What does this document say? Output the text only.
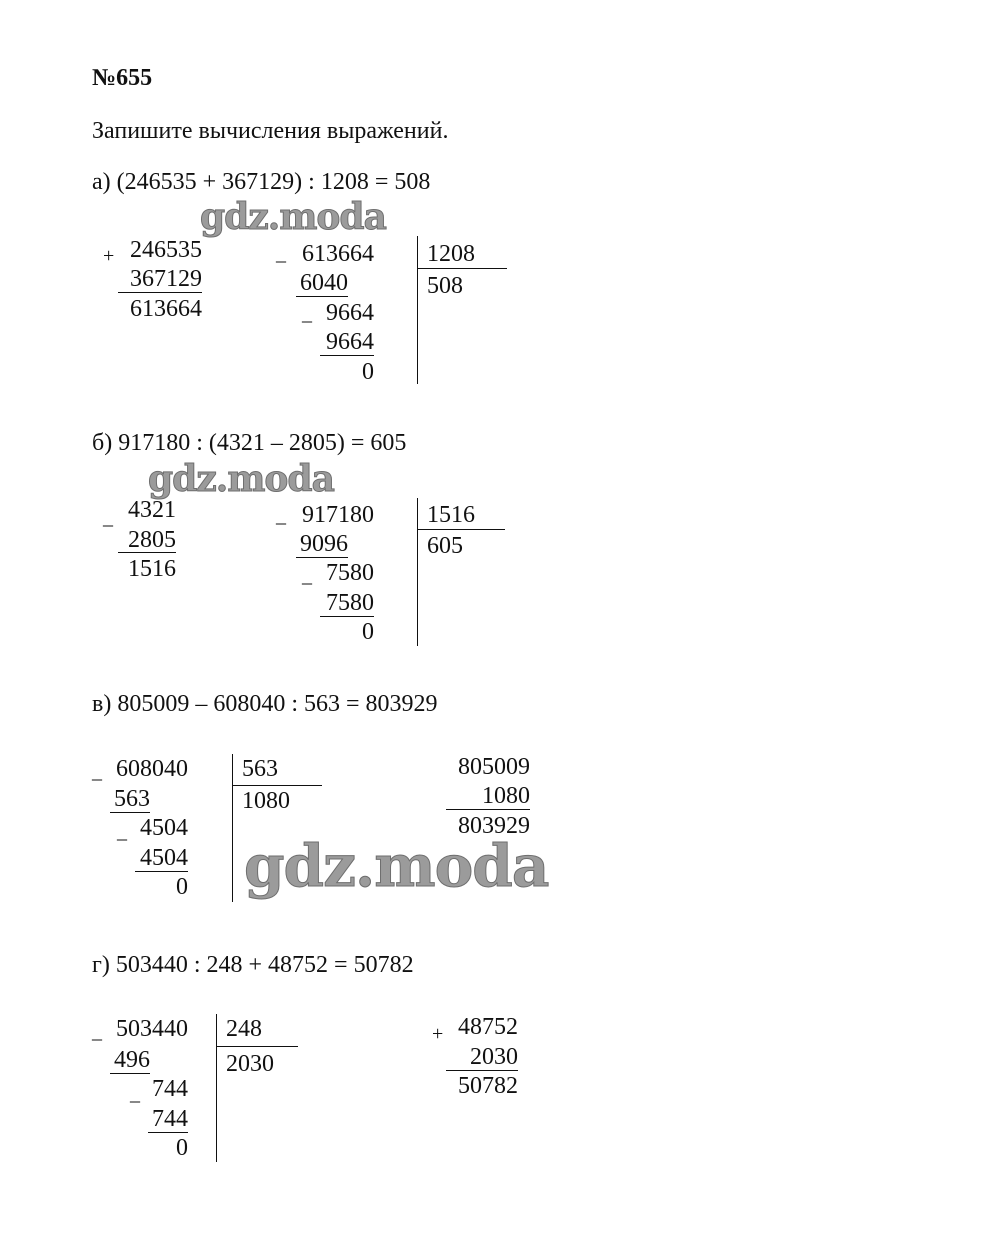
№655
Запишите вычисления выражений.
а) (246535 + 367129) : 1208 = 508
gdz.moda
+ 246535
367129
613664
_ 613664
6040
_ 9664
9664
0
1208
508
б) 917180 : (4321 – 2805) = 605
gdz.moda
_ 4321
2805
1516
_ 917180
9096
_ 7580
7580
0
1516
605
в) 805009 – 608040 : 563 = 803929
_ 608040
563
_ 4504
4504
0
563
1080
805009
1080
803929
gdz.moda
г) 503440 : 248 + 48752 = 50782
_ 503440
496
_ 744
744
0
248
2030
+ 48752
2030
50782
